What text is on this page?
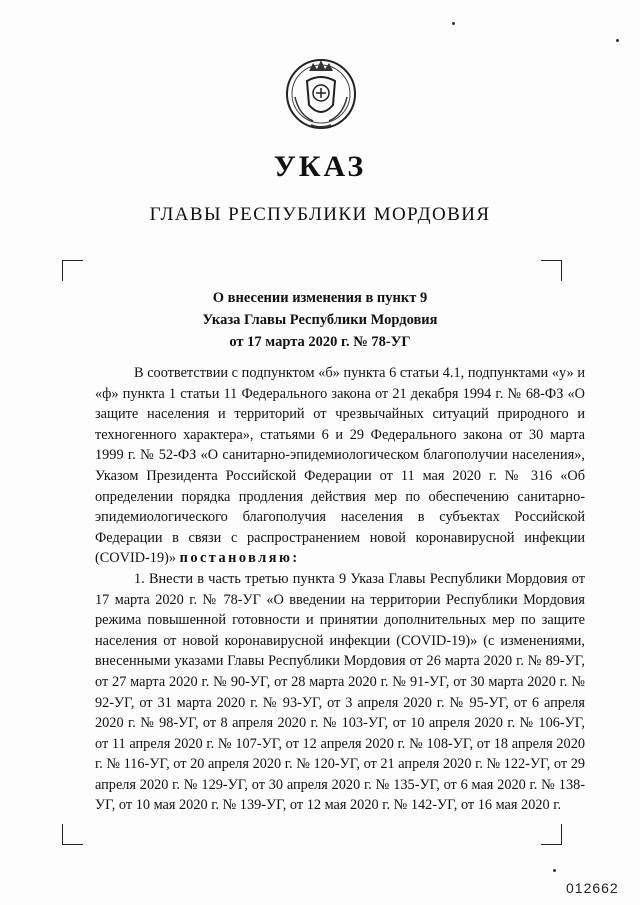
УКАЗ
ГЛАВЫ РЕСПУБЛИКИ МОРДОВИЯ
О внесении изменения в пункт 9
Указа Главы Республики Мордовия
от 17 марта 2020 г. № 78-УГ

В соответствии с подпунктом «б» пункта 6 статьи 4.1, подпунктами «у» и «ф» пункта 1 статьи 11 Федерального закона от 21 декабря 1994 г. № 68-ФЗ «О защите населения и территорий от чрезвычайных ситуаций природного и техногенного характера», статьями 6 и 29 Федерального закона от 30 марта 1999 г. № 52-ФЗ «О санитарно-эпидемиологическом благополучии населения», Указом Президента Российской Федерации от 11 мая 2020 г. № 316 «Об определении порядка продления действия мер по обеспечению санитарно-эпидемиологического благополучия населения в субъектах Российской Федерации в связи с распространением новой коронавирусной инфекции (COVID-19)» постановляю:

1. Внести в часть третью пункта 9 Указа Главы Республики Мордовия от 17 марта 2020 г. № 78-УГ «О введении на территории Республики Мордовия режима повышенной готовности и принятии дополнительных мер по защите населения от новой коронавирусной инфекции (COVID-19)» (с изменениями, внесенными указами Главы Республики Мордовия от 26 марта 2020 г. № 89-УГ, от 27 марта 2020 г. № 90-УГ, от 28 марта 2020 г. № 91-УГ, от 30 марта 2020 г. № 92-УГ, от 31 марта 2020 г. № 93-УГ, от 3 апреля 2020 г. № 95-УГ, от 6 апреля 2020 г. № 98-УГ, от 8 апреля 2020 г. № 103-УГ, от 10 апреля 2020 г. № 106-УГ, от 11 апреля 2020 г. № 107-УГ, от 12 апреля 2020 г. № 108-УГ, от 18 апреля 2020 г. № 116-УГ, от 20 апреля 2020 г. № 120-УГ, от 21 апреля 2020 г. № 122-УГ, от 29 апреля 2020 г. № 129-УГ, от 30 апреля 2020 г. № 135-УГ, от 6 мая 2020 г. № 138-УГ, от 10 мая 2020 г. № 139-УГ, от 12 мая 2020 г. № 142-УГ, от 16 мая 2020 г.

012662
